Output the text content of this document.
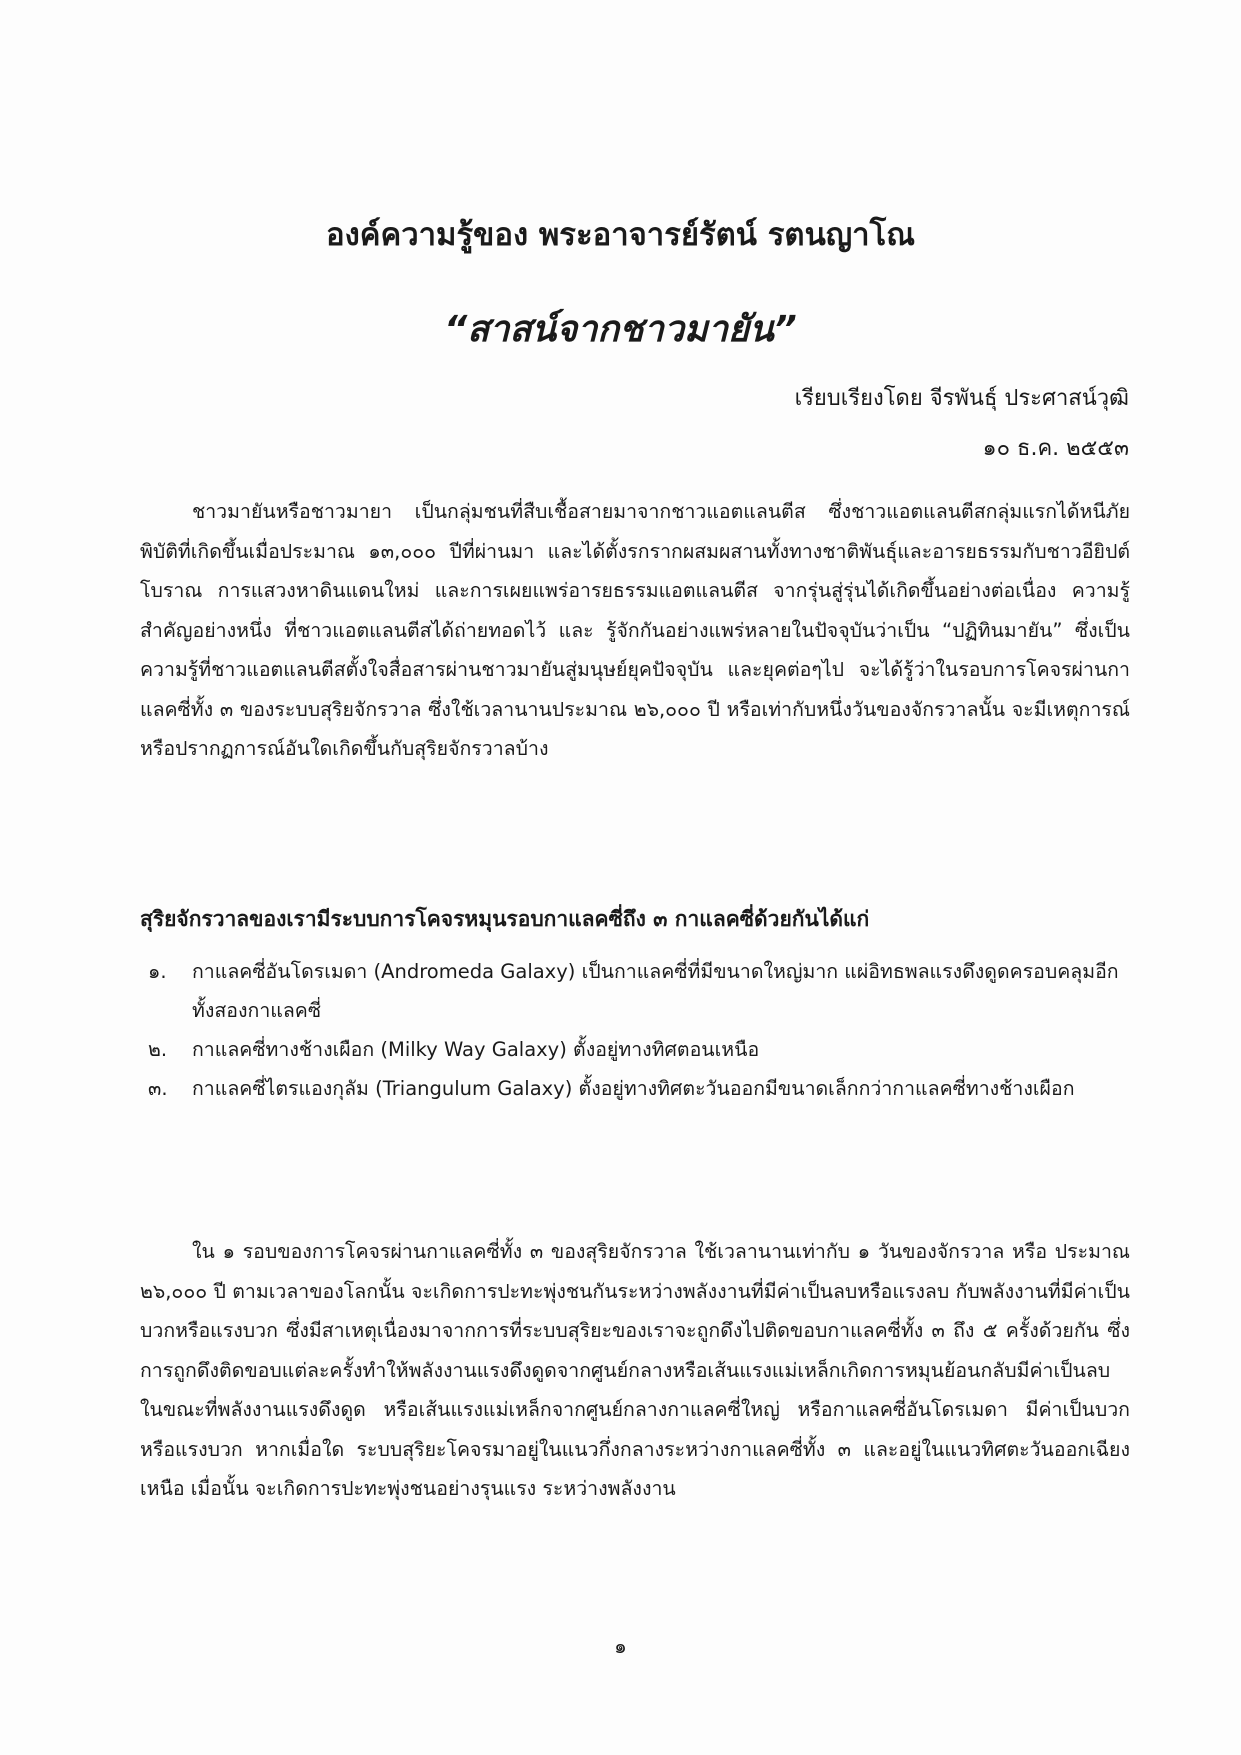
องค์ความรู้ของ พระอาจารย์รัตน์ รตนญาโณ
“สาสน์จากชาวมายัน”
เรียบเรียงโดย จีรพันธุ์ ประศาสน์วุฒิ
๑๐ ธ.ค. ๒๕๕๓
ชาวมายันหรือชาวมายา เป็นกลุ่มชนที่สืบเชื้อสายมาจากชาวแอตแลนตีส ซึ่งชาวแอตแลนตีสกลุ่มแรกได้หนีภัยพิบัติที่เกิดขึ้นเมื่อประมาณ ๑๓,๐๐๐ ปีที่ผ่านมา และได้ตั้งรกรากผสมผสานทั้งทางชาติพันธุ์และอารยธรรมกับชาวอียิปต์โบราณ การแสวงหาดินแดนใหม่ และการเผยแพร่อารยธรรมแอตแลนตีส จากรุ่นสู่รุ่นได้เกิดขึ้นอย่างต่อเนื่อง ความรู้สำคัญอย่างหนึ่ง ที่ชาวแอตแลนตีสได้ถ่ายทอดไว้ และ รู้จักกันอย่างแพร่หลายในปัจจุบันว่าเป็น “ปฏิทินมายัน” ซึ่งเป็นความรู้ที่ชาวแอตแลนตีสตั้งใจสื่อสารผ่านชาวมายันสู่มนุษย์ยุคปัจจุบัน และยุคต่อๆไป จะได้รู้ว่าในรอบการโคจรผ่านกาแลคซี่ทั้ง ๓ ของระบบสุริยจักรวาล ซึ่งใช้เวลานานประมาณ ๒๖,๐๐๐ ปี หรือเท่ากับหนึ่งวันของจักรวาลนั้น จะมีเหตุการณ์ หรือปรากฏการณ์อันใดเกิดขึ้นกับสุริยจักรวาลบ้าง
สุริยจักรวาลของเรามีระบบการโคจรหมุนรอบกาแลคซี่ถึง ๓ กาแลคซี่ด้วยกันได้แก่
๑. กาแลคซี่อันโดรเมดา (Andromeda Galaxy) เป็นกาแลคซี่ที่มีขนาดใหญ่มาก แผ่อิทธพลแรงดึงดูดครอบคลุมอีกทั้งสองกาแลคซี่
๒. กาแลคซี่ทางช้างเผือก (Milky Way Galaxy) ตั้งอยู่ทางทิศตอนเหนือ
๓. กาแลคซี่ไตรแองกุลัม (Triangulum Galaxy) ตั้งอยู่ทางทิศตะวันออกมีขนาดเล็กกว่ากาแลคซี่ทางช้างเผือก
ใน ๑ รอบของการโคจรผ่านกาแลคซี่ทั้ง ๓ ของสุริยจักรวาล ใช้เวลานานเท่ากับ ๑ วันของจักรวาล หรือ ประมาณ ๒๖,๐๐๐ ปี ตามเวลาของโลกนั้น จะเกิดการปะทะพุ่งชนกันระหว่างพลังงานที่มีค่าเป็นลบหรือแรงลบ กับพลังงานที่มีค่าเป็นบวกหรือแรงบวก ซึ่งมีสาเหตุเนื่องมาจากการที่ระบบสุริยะของเราจะถูกดึงไปติดขอบกาแลคซี่ทั้ง ๓ ถึง ๕ ครั้งด้วยกัน ซึ่งการถูกดึงติดขอบแต่ละครั้งทำให้พลังงานแรงดึงดูดจากศูนย์กลางหรือเส้นแรงแม่เหล็กเกิดการหมุนย้อนกลับมีค่าเป็นลบ ในขณะที่พลังงานแรงดึงดูด หรือเส้นแรงแม่เหล็กจากศูนย์กลางกาแลคซี่ใหญ่ หรือกาแลคซี่อันโดรเมดา มีค่าเป็นบวกหรือแรงบวก หากเมื่อใด ระบบสุริยะโคจรมาอยู่ในแนวกึ่งกลางระหว่างกาแลคซี่ทั้ง ๓ และอยู่ในแนวทิศตะวันออกเฉียงเหนือ เมื่อนั้น จะเกิดการปะทะพุ่งชนอย่างรุนแรง ระหว่างพลังงาน
๑
